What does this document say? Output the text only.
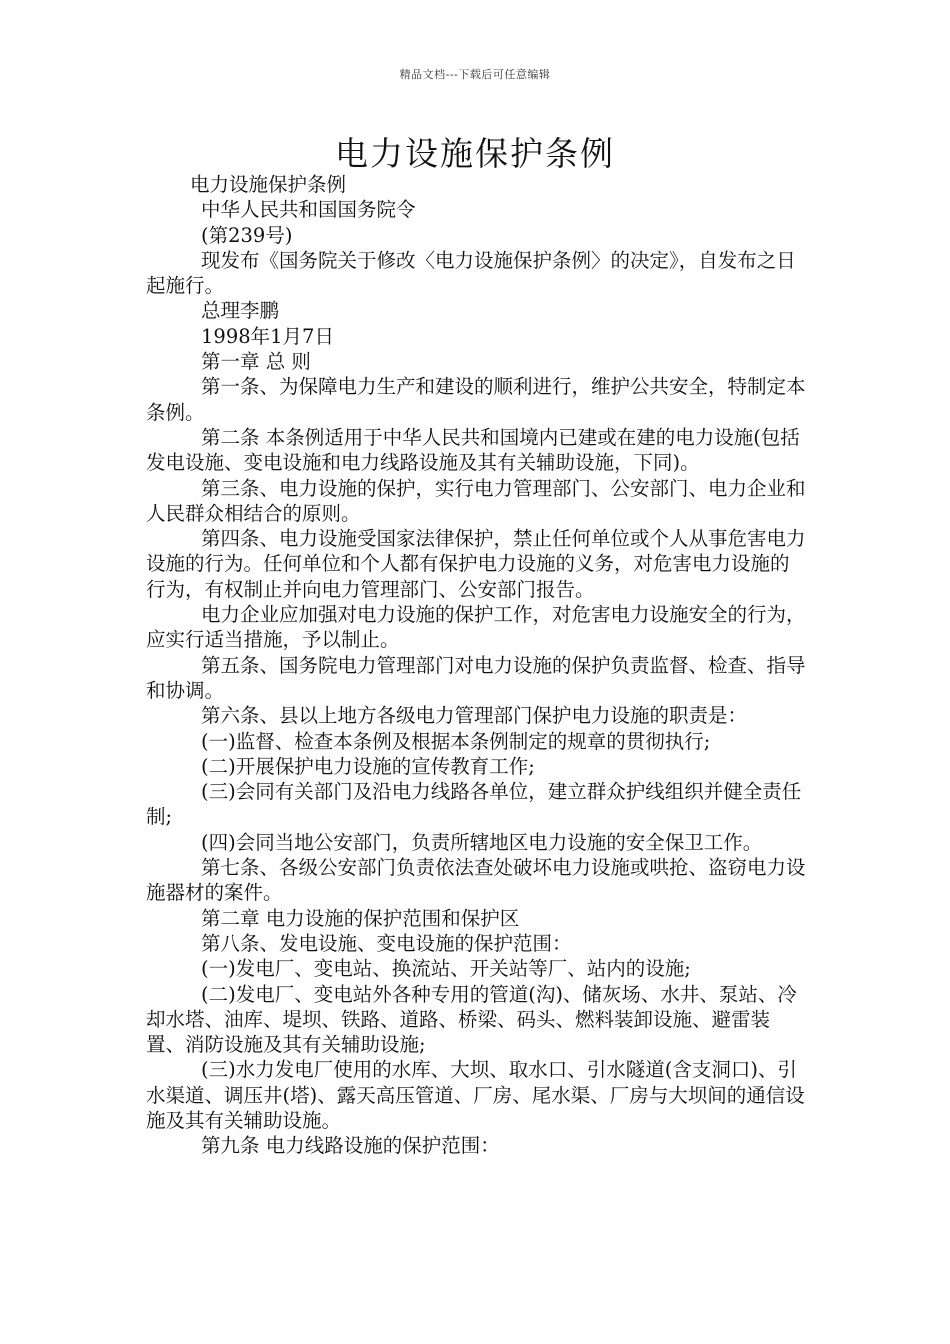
精品文档---下载后可任意编辑
电力设施保护条例

电力设施保护条例

中华人民共和国国务院令

(第239号)

现发布《国务院关于修改〈电力设施保护条例〉的决定》，自发布之日起施行。

总理李鹏

1998年1月7日

第一章 总 则

第一条、为保障电力生产和建设的顺利进行，维护公共安全，特制定本条例。

第二条 本条例适用于中华人民共和国境内已建或在建的电力设施(包括发电设施、变电设施和电力线路设施及其有关辅助设施，下同)。

第三条、电力设施的保护，实行电力管理部门、公安部门、电力企业和人民群众相结合的原则。

第四条、电力设施受国家法律保护，禁止任何单位或个人从事危害电力设施的行为。任何单位和个人都有保护电力设施的义务，对危害电力设施的行为，有权制止并向电力管理部门、公安部门报告。

电力企业应加强对电力设施的保护工作，对危害电力设施安全的行为，应实行适当措施，予以制止。

第五条、国务院电力管理部门对电力设施的保护负责监督、检查、指导和协调。

第六条、县以上地方各级电力管理部门保护电力设施的职责是：

(一)监督、检查本条例及根据本条例制定的规章的贯彻执行;

(二)开展保护电力设施的宣传教育工作;

(三)会同有关部门及沿电力线路各单位，建立群众护线组织并健全责任制;

(四)会同当地公安部门，负责所辖地区电力设施的安全保卫工作。

第七条、各级公安部门负责依法查处破坏电力设施或哄抢、盗窃电力设施器材的案件。

第二章 电力设施的保护范围和保护区

第八条、发电设施、变电设施的保护范围：

(一)发电厂、变电站、换流站、开关站等厂、站内的设施;

(二)发电厂、变电站外各种专用的管道(沟)、储灰场、水井、泵站、冷却水塔、油库、堤坝、铁路、道路、桥梁、码头、燃料装卸设施、避雷装置、消防设施及其有关辅助设施;

(三)水力发电厂使用的水库、大坝、取水口、引水隧道(含支洞口)、引水渠道、调压井(塔)、露天高压管道、厂房、尾水渠、厂房与大坝间的通信设施及其有关辅助设施。

第九条 电力线路设施的保护范围：
